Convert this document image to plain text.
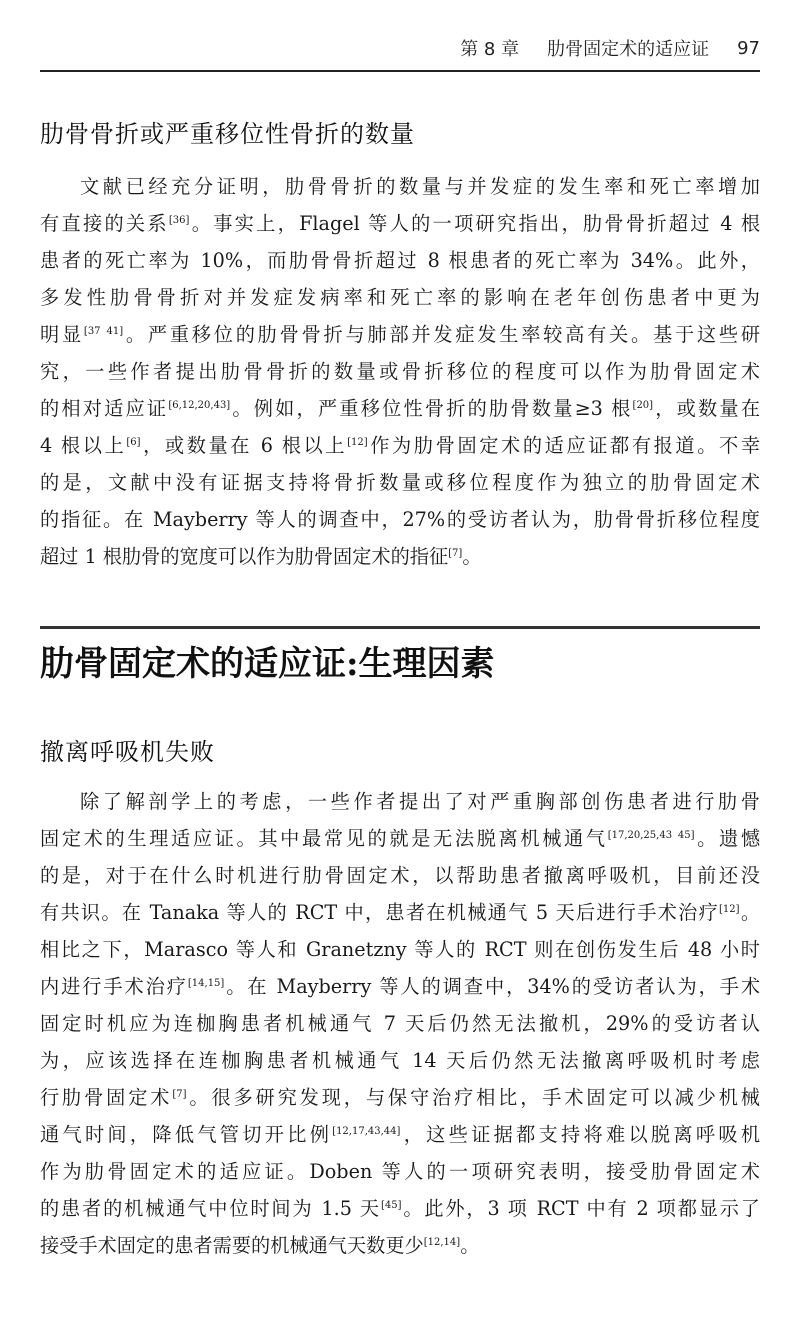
第 8 章 肋骨固定术的适应证 97
肋骨骨折或严重移位性骨折的数量
文献已经充分证明，肋骨骨折的数量与并发症的发生率和死亡率增加
有直接的关系[36]。事实上，Flagel 等人的一项研究指出，肋骨骨折超过 4 根
患者的死亡率为 10%，而肋骨骨折超过 8 根患者的死亡率为 34%。此外，
多发性肋骨骨折对并发症发病率和死亡率的影响在老年创伤患者中更为
明显[37 41]。严重移位的肋骨骨折与肺部并发症发生率较高有关。基于这些研
究，一些作者提出肋骨骨折的数量或骨折移位的程度可以作为肋骨固定术
的相对适应证[6,12,20,43]。例如，严重移位性骨折的肋骨数量≥3 根[20]，或数量在
4 根以上[6]，或数量在 6 根以上[12]作为肋骨固定术的适应证都有报道。不幸
的是，文献中没有证据支持将骨折数量或移位程度作为独立的肋骨固定术
的指征。在 Mayberry 等人的调查中，27%的受访者认为，肋骨骨折移位程度
超过 1 根肋骨的宽度可以作为肋骨固定术的指征[7]。
肋骨固定术的适应证:生理因素
撤离呼吸机失败
除了解剖学上的考虑，一些作者提出了对严重胸部创伤患者进行肋骨
固定术的生理适应证。其中最常见的就是无法脱离机械通气[17,20,25,43 45]。遗憾
的是，对于在什么时机进行肋骨固定术，以帮助患者撤离呼吸机，目前还没
有共识。在 Tanaka 等人的 RCT 中，患者在机械通气 5 天后进行手术治疗[12]。
相比之下，Marasco 等人和 Granetzny 等人的 RCT 则在创伤发生后 48 小时
内进行手术治疗[14,15]。在 Mayberry 等人的调查中，34%的受访者认为，手术
固定时机应为连枷胸患者机械通气 7 天后仍然无法撤机，29%的受访者认
为，应该选择在连枷胸患者机械通气 14 天后仍然无法撤离呼吸机时考虑
行肋骨固定术[7]。很多研究发现，与保守治疗相比，手术固定可以减少机械
通气时间，降低气管切开比例[12,17,43,44]，这些证据都支持将难以脱离呼吸机
作为肋骨固定术的适应证。Doben 等人的一项研究表明，接受肋骨固定术
的患者的机械通气中位时间为 1.5 天[45]。此外，3 项 RCT 中有 2 项都显示了
接受手术固定的患者需要的机械通气天数更少[12,14]。
